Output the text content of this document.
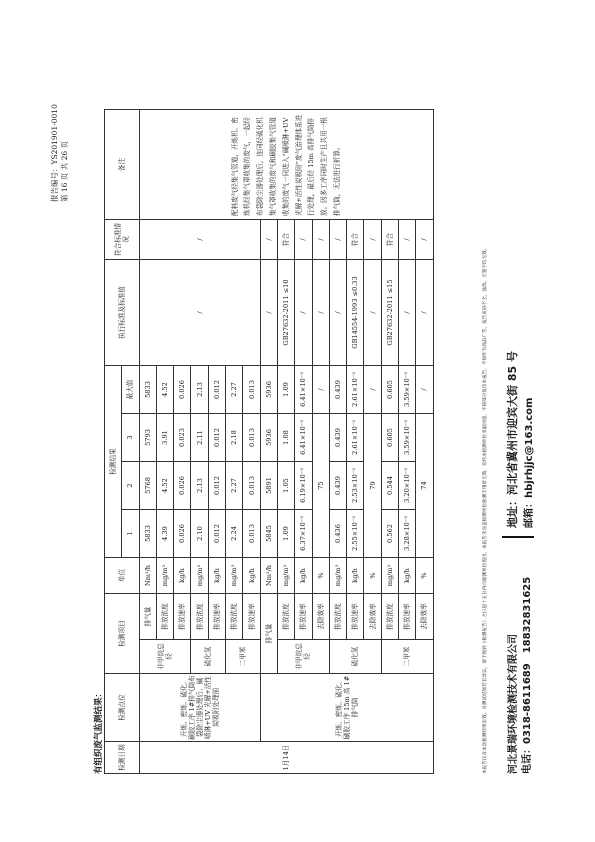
报告编号：YS201901-0010 第 16 页 共 26 页
有组织废气监测结果： 检测日期	检测点位	检测项目		单位	检测结果				执行标准及标准值	符合标准情况	备注
					1	2	3	最大值			
1月14日	开炼、密炼、硫化、刷胶工序 1#排气筒布袋除尘器处理后、碱喷淋+UV 光解+活性炭吸附处理前	非甲烷总烃	排气量	Nm³/h	5833	5768	5793	5833	/	/	配料废气经集气管道，开炼机、密炼机经集气罩收集的废气，一起经布袋除尘器处理后，连同经硫化机集气罩收集的废气和刷胶集气管道收集的废气一同进入“碱喷淋+UV 光解+活性炭吸附”废气治理体系进行处理，最后经 15m 高排气筒排放。因多工序同时生产且共用一根排气筒，无法进行折算。
			排放浓度	mg/m³	4.39	4.52	3.91	4.52			
			排放速率	kg/h	0.026	0.026	0.023	0.026			
		硫化氢	排放浓度	mg/m³	2.10	2.13	2.11	2.13			
			排放速率	kg/h	0.012	0.012	0.012	0.012			
		二甲苯	排放浓度	mg/m³	2.24	2.27	2.18	2.27			
			排放速率	kg/h	0.013	0.013	0.013	0.013			
	开炼、密炼、硫化、刷胶工序 15m 高 1#排气筒	排气量		Nm³/h	5845	5891	5936	5936	/	/	
		非甲烷总烃	排放浓度	mg/m³	1.09	1.05	1.08	1.09	GB27632-2011 ≤10	符合	
			排放速率	kg/h	6.37×10⁻³	6.19×10⁻³	6.41×10⁻³	6.41×10⁻³	/	/	
			去除效率	%	75			/	/	/	
		硫化氢	排放浓度	mg/m³	0.436	0.439	0.439	0.439	/	/	
			排放速率	kg/h	2.55×10⁻³	2.53×10⁻³	2.61×10⁻³	2.61×10⁻³	GB14554-1993 ≤0.33	符合	
			去除效率	%	79			/	/	/	
		二甲苯	排放浓度	mg/m³	0.562	0.544	0.605	0.605	GB27632-2011 ≤15	符合	
			排放速率	kg/h	3.28×10⁻³	3.20×10⁻³	3.59×10⁻³	3.59×10⁻³	/	/	
			去除效率	%	74			/	/	/	
本报告仅对本次检测结果有效。对测试结果若有异议，请于收到《检测报告》之日起十五日内向检测单位提出。本报告未加盖检测单位检测专用章无效，未经本检测单位书面同意，不得部分复印本报告，不得作为商品广告。报告页码不全、涂改、无签字均无效。	河北景瑞环境检测技术有限公司 电话：0318-8611689　18832831625
地址：河北省冀州市迎宾大街 85 号 邮箱：hbjrhjjc@163.com
